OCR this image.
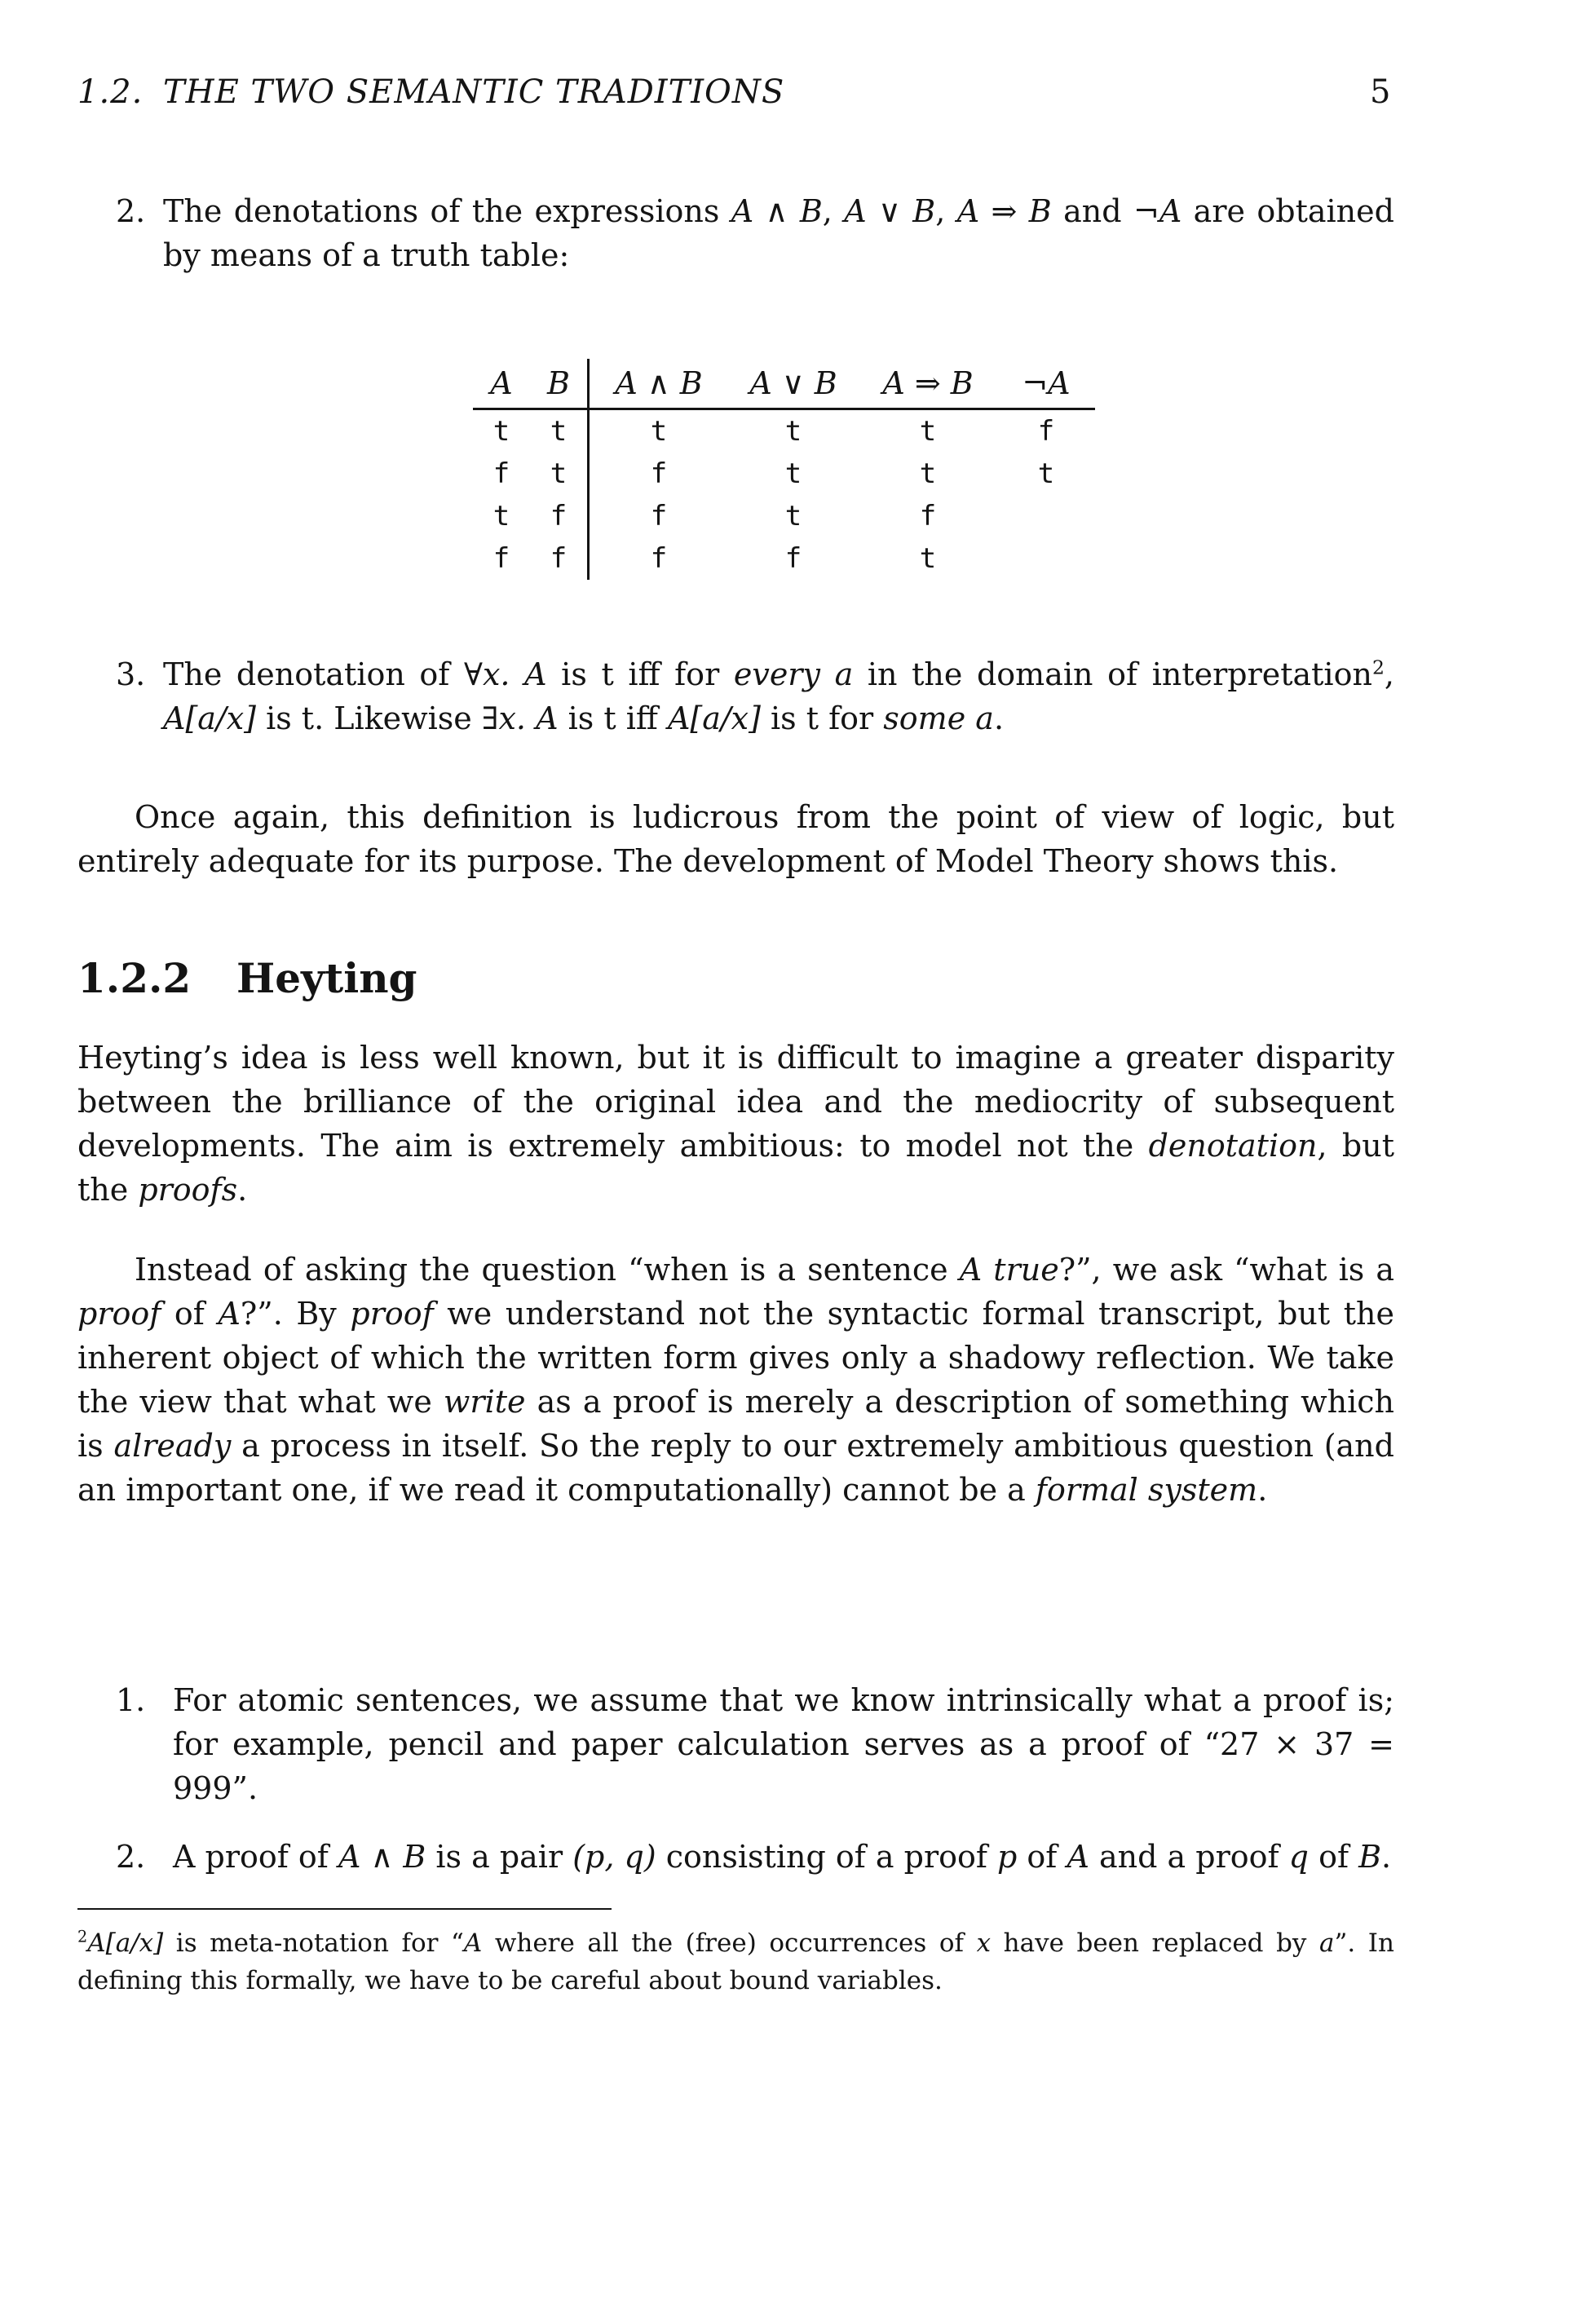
1.2. THE TWO SEMANTIC TRADITIONS	5
2. The denotations of the expressions A ∧ B, A ∨ B, A ⇒ B and ¬A are obtained by means of a truth table:
A	B	A ∧ B	A ∨ B	A ⇒ B	¬A
t	t	t	t	t	f
f	t	f	t	t	t
t	f	f	t	f	
f	f	f	f	t	
3. The denotation of ∀x. A is t iff for every a in the domain of interpretation$^2$, A[a/x] is t. Likewise ∃x. A is t iff A[a/x] is t for some a.
Once again, this definition is ludicrous from the point of view of logic, but entirely adequate for its purpose. The development of Model Theory shows this.
1.2.2 Heyting
Heyting’s idea is less well known, but it is difficult to imagine a greater disparity between the brilliance of the original idea and the mediocrity of subsequent developments. The aim is extremely ambitious: to model not the denotation, but the proofs.
Instead of asking the question “when is a sentence A true?”, we ask “what is a proof of A?”. By proof we understand not the syntactic formal transcript, but the inherent object of which the written form gives only a shadowy reflection. We take the view that what we write as a proof is merely a description of something which is already a process in itself. So the reply to our extremely ambitious question (and an important one, if we read it computationally) cannot be a formal system.
1. For atomic sentences, we assume that we know intrinsically what a proof is; for example, pencil and paper calculation serves as a proof of “27 × 37 = 999”.
2. A proof of A ∧ B is a pair (p, q) consisting of a proof p of A and a proof q of B.
$^2$A[a/x] is meta-notation for “A where all the (free) occurrences of x have been replaced by a”. In defining this formally, we have to be careful about bound variables.
